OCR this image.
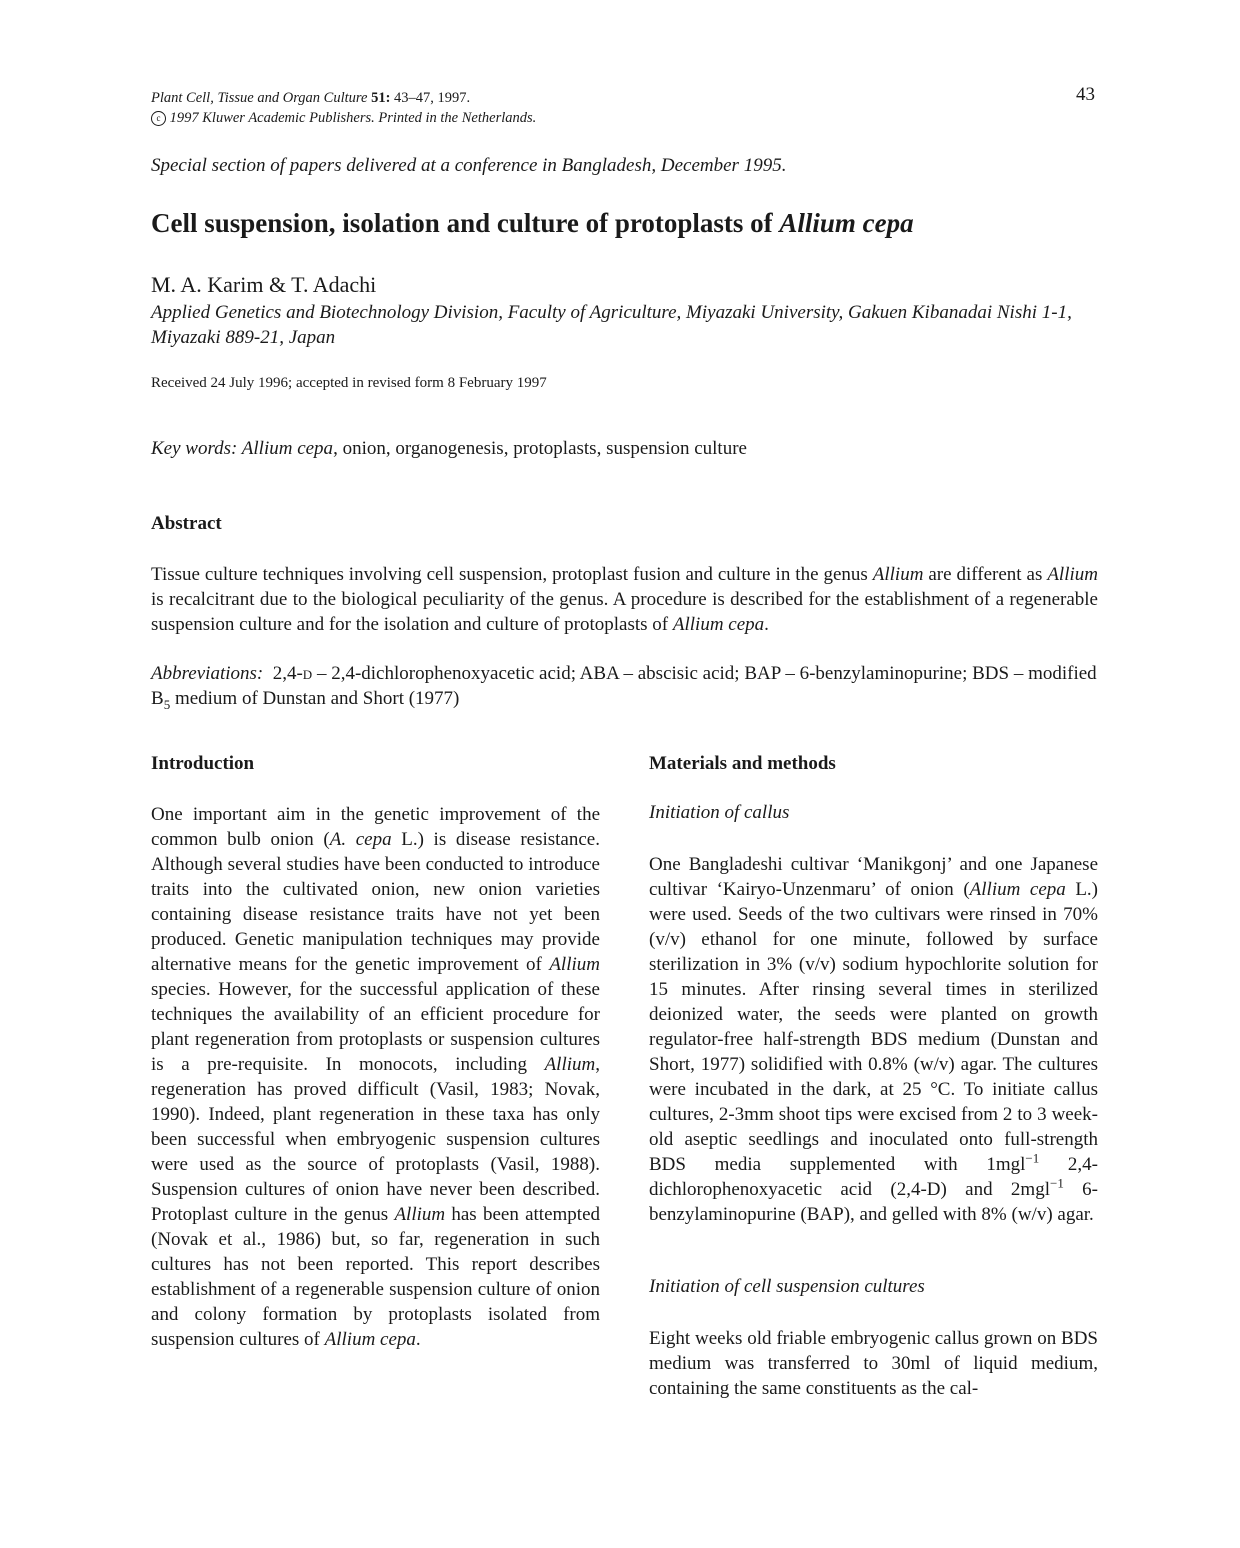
Plant Cell, Tissue and Organ Culture 51: 43–47, 1997.
c 1997 Kluwer Academic Publishers. Printed in the Netherlands.
43
Special section of papers delivered at a conference in Bangladesh, December 1995.
Cell suspension, isolation and culture of protoplasts of Allium cepa
M. A. Karim & T. Adachi
Applied Genetics and Biotechnology Division, Faculty of Agriculture, Miyazaki University, Gakuen Kibanadai Nishi 1-1, Miyazaki 889-21, Japan
Received 24 July 1996; accepted in revised form 8 February 1997
Key words: Allium cepa, onion, organogenesis, protoplasts, suspension culture
Abstract

Tissue culture techniques involving cell suspension, protoplast fusion and culture in the genus Allium are different as Allium is recalcitrant due to the biological peculiarity of the genus. A procedure is described for the establishment of a regenerable suspension culture and for the isolation and culture of protoplasts of Allium cepa.

Abbreviations: 2,4-d – 2,4-dichlorophenoxyacetic acid; ABA – abscisic acid; BAP – 6-benzylaminopurine; BDS – modified $B_5$ medium of Dunstan and Short (1977)

Introduction

One important aim in the genetic improvement of the common bulb onion (A. cepa L.) is disease resistance. Although several studies have been conducted to introduce traits into the cultivated onion, new onion varieties containing disease resistance traits have not yet been produced. Genetic manipulation techniques may provide alternative means for the genetic improvement of Allium species. However, for the successful application of these techniques the availability of an efficient procedure for plant regeneration from protoplasts or suspension cultures is a pre-requisite. In monocots, including Allium, regeneration has proved difficult (Vasil, 1983; Novak, 1990). Indeed, plant regeneration in these taxa has only been successful when embryogenic suspension cultures were used as the source of protoplasts (Vasil, 1988). Suspension cultures of onion have never been described. Protoplast culture in the genus Allium has been attempted (Novak et al., 1986) but, so far, regeneration in such cultures has not been reported. This report describes establishment of a regenerable suspension culture of onion and colony formation by protoplasts isolated from suspension cultures of Allium cepa.

Materials and methods
Initiation of callus

One Bangladeshi cultivar ‘Manikgonj’ and one Japanese cultivar ‘Kairyo-Unzenmaru’ of onion (Allium cepa L.) were used. Seeds of the two cultivars were rinsed in 70% (v/v) ethanol for one minute, followed by surface sterilization in 3% (v/v) sodium hypochlorite solution for 15 minutes. After rinsing several times in sterilized deionized water, the seeds were planted on growth regulator-free half-strength BDS medium (Dunstan and Short, 1977) solidified with 0.8% (w/v) agar. The cultures were incubated in the dark, at 25 °C. To initiate callus cultures, 2-3mm shoot tips were excised from 2 to 3 week-old aseptic seedlings and inoculated onto full-strength BDS media supplemented with 1mgl$^{-1}$ 2,4-dichlorophenoxyacetic acid (2,4-D) and 2mgl$^{-1}$ 6-benzylaminopurine (BAP), and gelled with 8% (w/v) agar.

Initiation of cell suspension cultures

Eight weeks old friable embryogenic callus grown on BDS medium was transferred to 30ml of liquid medium, containing the same constituents as the cal-
